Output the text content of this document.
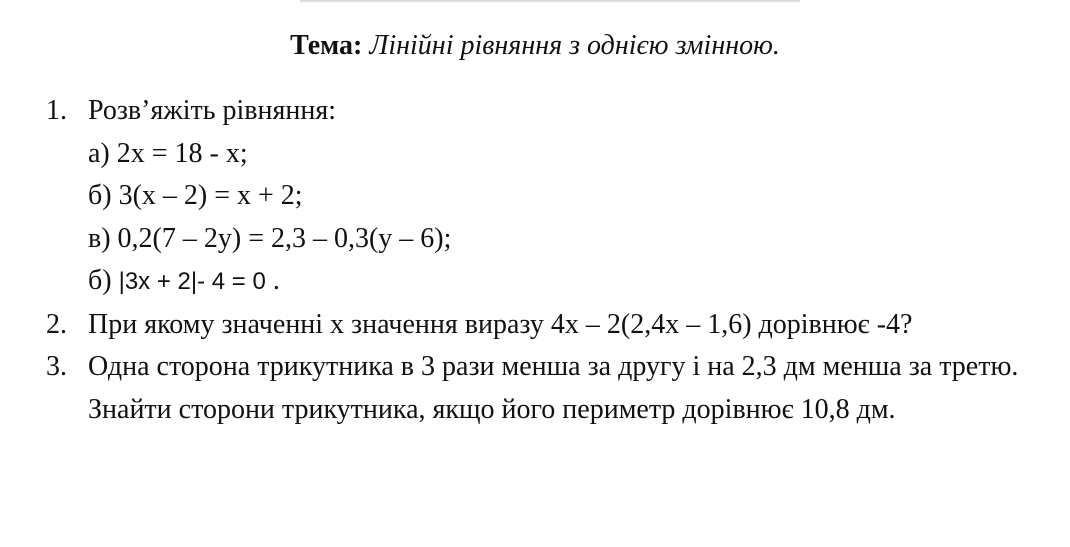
Тема: Лінійні рівняння з однією змінною.
1. Розв’яжіть рівняння:
а) 2х = 18 - х;
б) 3(х – 2) = х + 2;
в) 0,2(7 – 2у) = 2,3 – 0,3(у – 6);
б) |3x + 2|- 4 = 0 .
2. При якому значенні х значення виразу 4х – 2(2,4х – 1,6) дорівнює -4?
3. Одна сторона трикутника в 3 рази менша за другу і на 2,3 дм менша за третю. Знайти сторони трикутника, якщо його периметр дорівнює 10,8 дм.
